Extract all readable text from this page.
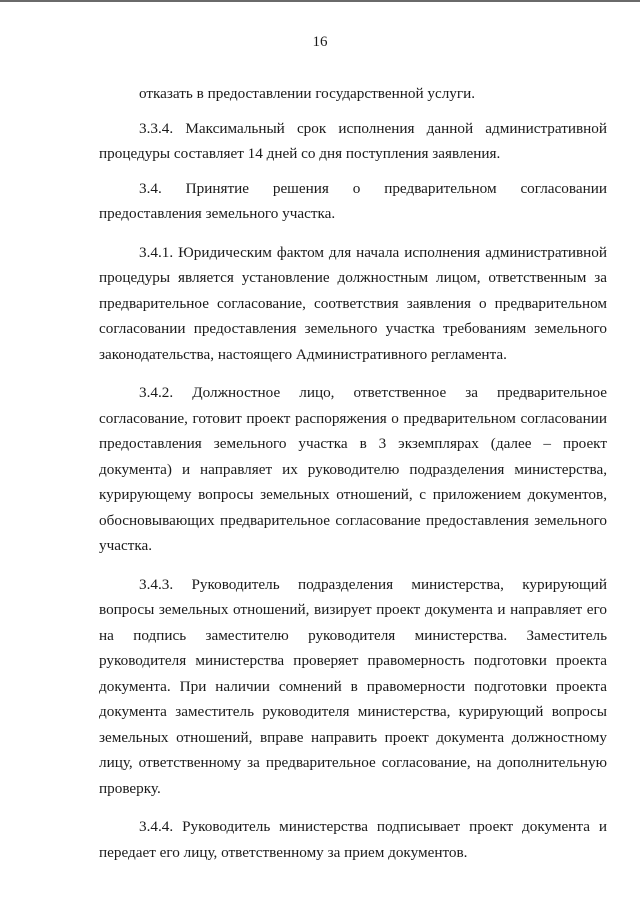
16

отказать в предоставлении государственной услуги.

3.3.4. Максимальный срок исполнения данной административной процедуры составляет 14 дней со дня поступления заявления.

3.4. Принятие решения о предварительном согласовании
предоставления земельного участка.

3.4.1. Юридическим фактом для начала исполнения административной процедуры является установление должностным лицом, ответственным за предварительное согласование, соответствия заявления о предварительном согласовании предоставления земельного участка требованиям земельного законодательства, настоящего Административного регламента.

3.4.2. Должностное лицо, ответственное за предварительное согласование, готовит проект распоряжения о предварительном согласовании предоставления земельного участка в 3 экземплярах (далее – проект документа) и направляет их руководителю подразделения министерства, курирующему вопросы земельных отношений, с приложением документов, обосновывающих предварительное согласование предоставления земельного участка.

3.4.3. Руководитель подразделения министерства, курирующий вопросы земельных отношений, визирует проект документа и направляет его на подпись заместителю руководителя министерства. Заместитель руководителя министерства проверяет правомерность подготовки проекта документа. При наличии сомнений в правомерности подготовки проекта документа заместитель руководителя министерства, курирующий вопросы земельных отношений, вправе направить проект документа должностному лицу, ответственному за предварительное согласование, на дополнительную проверку.

3.4.4. Руководитель министерства подписывает проект документа и передает его лицу, ответственному за прием документов.
